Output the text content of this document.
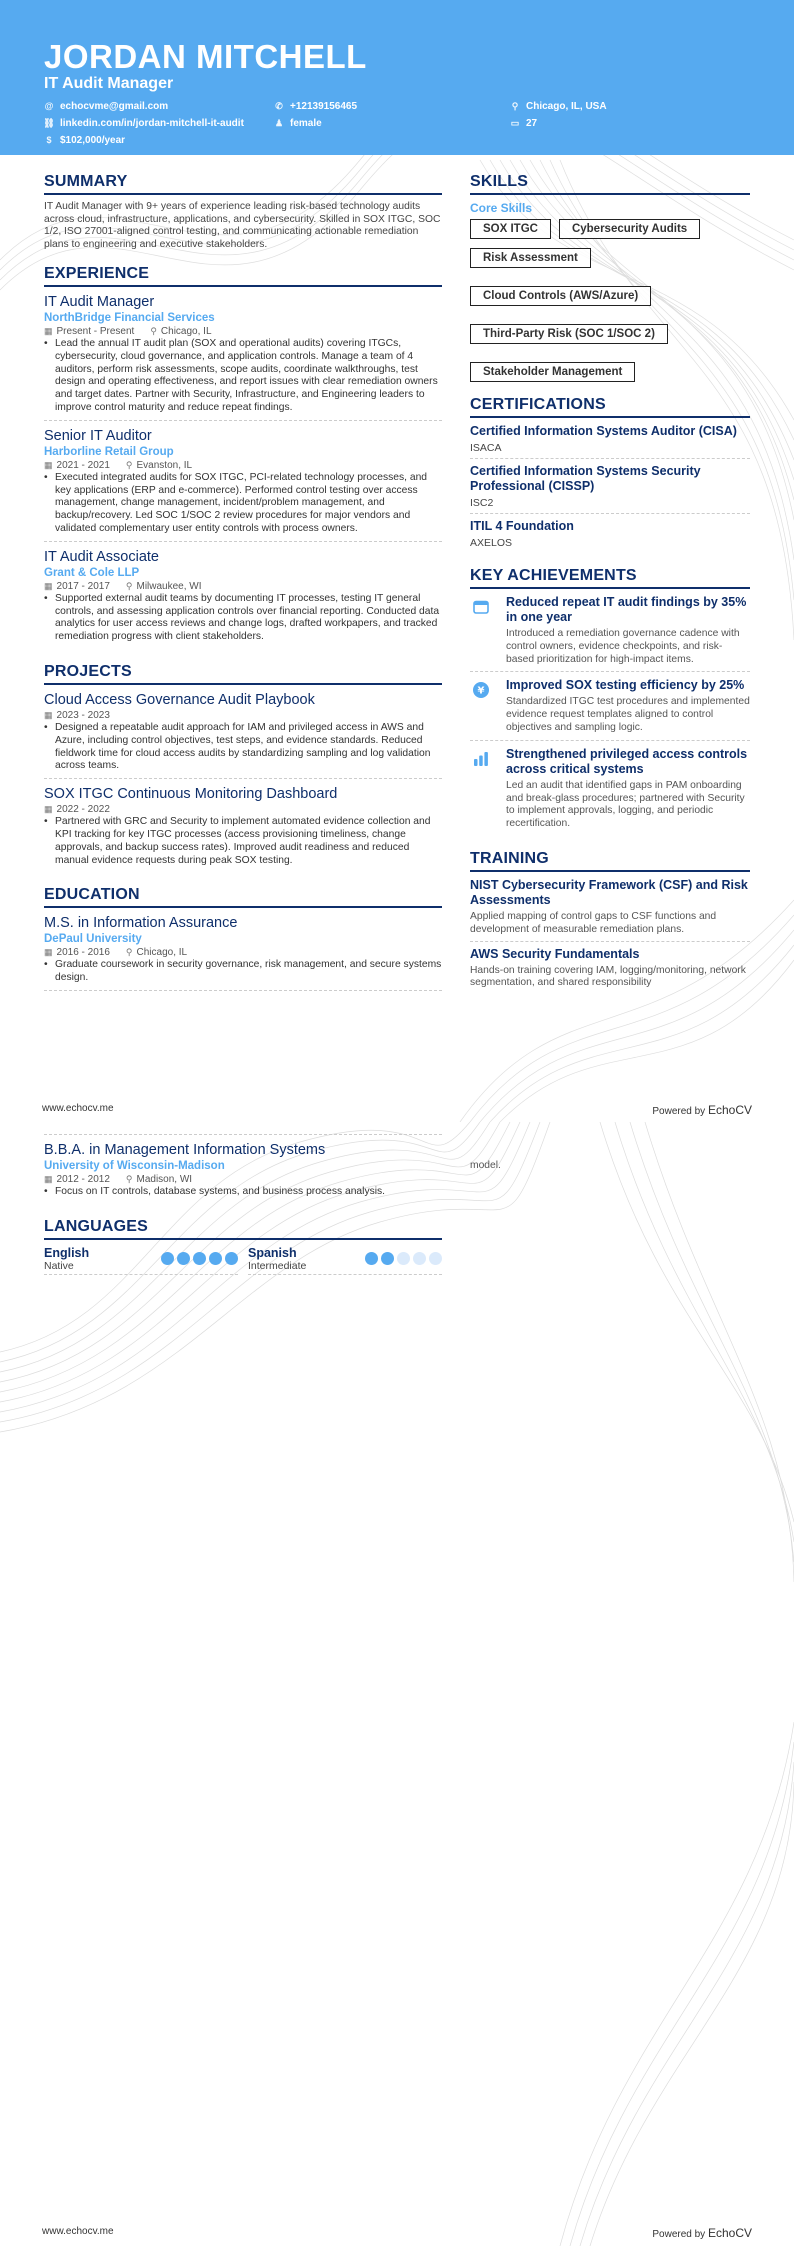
JORDAN MITCHELL
IT Audit Manager
@ echocvme@gmail.com	✆ +12139156465	⚲ Chicago, IL, USA
⛓ linkedin.com/in/jordan-mitchell-it-audit	♟ female	▭ 27
$ $102,000/year
SUMMARY
IT Audit Manager with 9+ years of experience leading risk-based technology audits across cloud, infrastructure, applications, and cybersecurity. Skilled in SOX ITGC, SOC 1/2, ISO 27001-aligned control testing, and communicating actionable remediation plans to engineering and executive stakeholders.
EXPERIENCE
IT Audit Manager
NorthBridge Financial Services
▦ Present - Present ⚲ Chicago, IL
• Lead the annual IT audit plan (SOX and operational audits) covering ITGCs, cybersecurity, cloud governance, and application controls. Manage a team of 4 auditors, perform risk assessments, scope audits, coordinate walkthroughs, test design and operating effectiveness, and report issues with clear remediation owners and target dates. Partner with Security, Infrastructure, and Engineering leaders to improve control maturity and reduce repeat findings.
Senior IT Auditor
Harborline Retail Group
▦ 2021 - 2021 ⚲ Evanston, IL
• Executed integrated audits for SOX ITGC, PCI-related technology processes, and key applications (ERP and e-commerce). Performed control testing over access management, change management, incident/problem management, and backup/recovery. Led SOC 1/SOC 2 review procedures for major vendors and validated complementary user entity controls with process owners.
IT Audit Associate
Grant & Cole LLP
▦ 2017 - 2017 ⚲ Milwaukee, WI
• Supported external audit teams by documenting IT processes, testing IT general controls, and assessing application controls over financial reporting. Conducted data analytics for user access reviews and change logs, drafted workpapers, and tracked remediation progress with client stakeholders.
PROJECTS
Cloud Access Governance Audit Playbook
▦ 2023 - 2023
• Designed a repeatable audit approach for IAM and privileged access in AWS and Azure, including control objectives, test steps, and evidence standards. Reduced fieldwork time for cloud access audits by standardizing sampling and log validation across teams.
SOX ITGC Continuous Monitoring Dashboard
▦ 2022 - 2022
• Partnered with GRC and Security to implement automated evidence collection and KPI tracking for key ITGC processes (access provisioning timeliness, change approvals, and backup success rates). Improved audit readiness and reduced manual evidence requests during peak SOX testing.
EDUCATION
M.S. in Information Assurance
DePaul University
▦ 2016 - 2016 ⚲ Chicago, IL
• Graduate coursework in security governance, risk management, and secure systems design.
SKILLS
Core Skills
SOX ITGC	Cybersecurity Audits
Risk Assessment
Cloud Controls (AWS/Azure)
Third-Party Risk (SOC 1/SOC 2)
Stakeholder Management
CERTIFICATIONS
Certified Information Systems Auditor (CISA)
ISACA
Certified Information Systems Security Professional (CISSP)
ISC2
ITIL 4 Foundation
AXELOS
KEY ACHIEVEMENTS
Reduced repeat IT audit findings by 35% in one year
Introduced a remediation governance cadence with control owners, evidence checkpoints, and risk-based prioritization for high-impact items.
¥ Improved SOX testing efficiency by 25%
Standardized ITGC test procedures and implemented evidence request templates aligned to control objectives and sampling logic.
Strengthened privileged access controls across critical systems
Led an audit that identified gaps in PAM onboarding and break-glass procedures; partnered with Security to implement approvals, logging, and periodic recertification.
TRAINING
NIST Cybersecurity Framework (CSF) and Risk Assessments
Applied mapping of control gaps to CSF functions and development of measurable remediation plans.
AWS Security Fundamentals
Hands-on training covering IAM, logging/monitoring, network segmentation, and shared responsibility
www.echocv.me	Powered by EchoCV
B.B.A. in Management Information Systems
University of Wisconsin-Madison
▦ 2012 - 2012 ⚲ Madison, WI
• Focus on IT controls, database systems, and business process analysis.
LANGUAGES
English
Native
Spanish
Intermediate
model.
www.echocv.me	Powered by EchoCV
